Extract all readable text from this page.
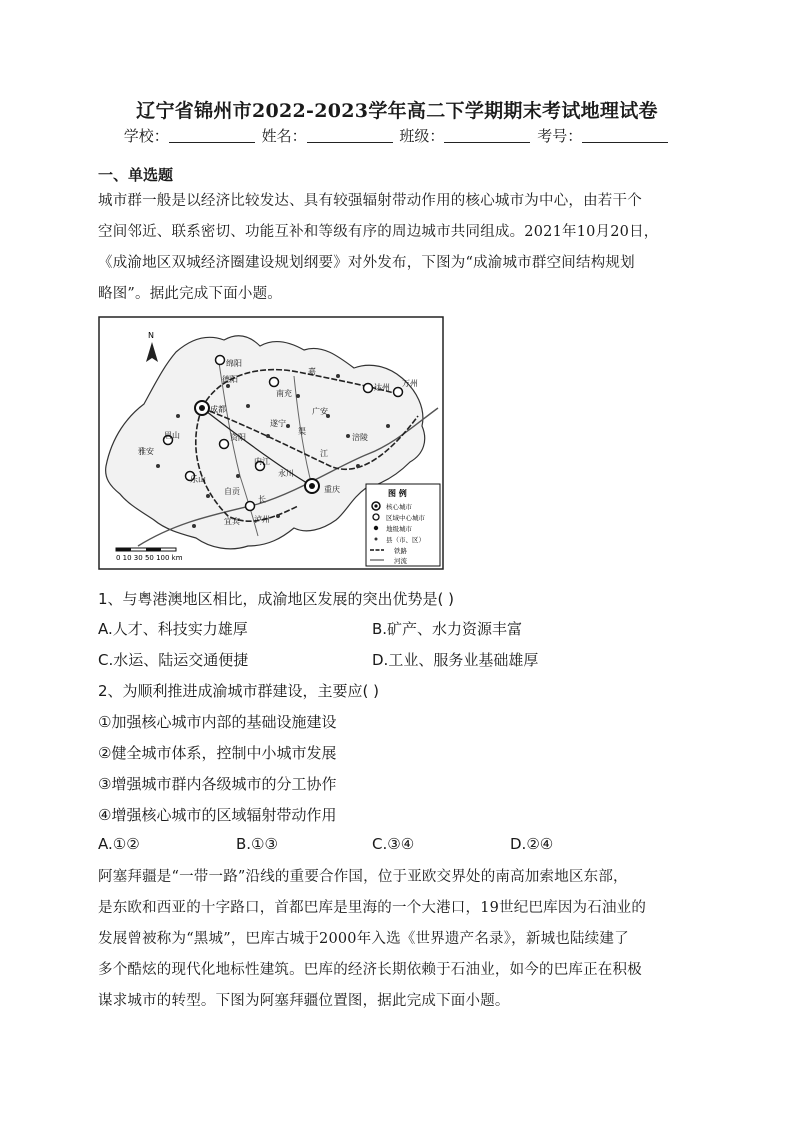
辽宁省锦州市2022-2023学年高二下学期期末考试地理试卷
学校：	姓名：	班级：	考号：
一、单选题
城市群一般是以经济比较发达、具有较强辐射带动作用的核心城市为中心，由若干个
空间邻近、联系密切、功能互补和等级有序的周边城市共同组成。2021年10月20日，
《成渝地区双城经济圈建设规划纲要》对外发布，下图为“成渝城市群空间结构规划
略图”。据此完成下面小题。
N
绵阳
德阳
成都
眉山
雅安
资阳
乐山
自贡
宜宾 泸州
内江
永川
遂宁
南充
广安
达州 万州
涪陵
重庆
江
长
嘉
渠
0 10 30 50 100 km
图 例
核心城市
区域中心城市
地级城市
县（市、区）
铁路
河流
1、与粤港澳地区相比，成渝地区发展的突出优势是( )
A.人才、科技实力雄厚	B.矿产、水力资源丰富
C.水运、陆运交通便捷	D.工业、服务业基础雄厚
2、为顺利推进成渝城市群建设，主要应( )
①加强核心城市内部的基础设施建设
②健全城市体系，控制中小城市发展
③增强城市群内各级城市的分工协作
④增强核心城市的区域辐射带动作用
A.①②	B.①③	C.③④	D.②④
阿塞拜疆是“一带一路”沿线的重要合作国，位于亚欧交界处的南高加索地区东部，
是东欧和西亚的十字路口，首都巴库是里海的一个大港口，19世纪巴库因为石油业的
发展曾被称为“黑城”，巴库古城于2000年入选《世界遗产名录》，新城也陆续建了
多个酷炫的现代化地标性建筑。巴库的经济长期依赖于石油业，如今的巴库正在积极
谋求城市的转型。下图为阿塞拜疆位置图，据此完成下面小题。
